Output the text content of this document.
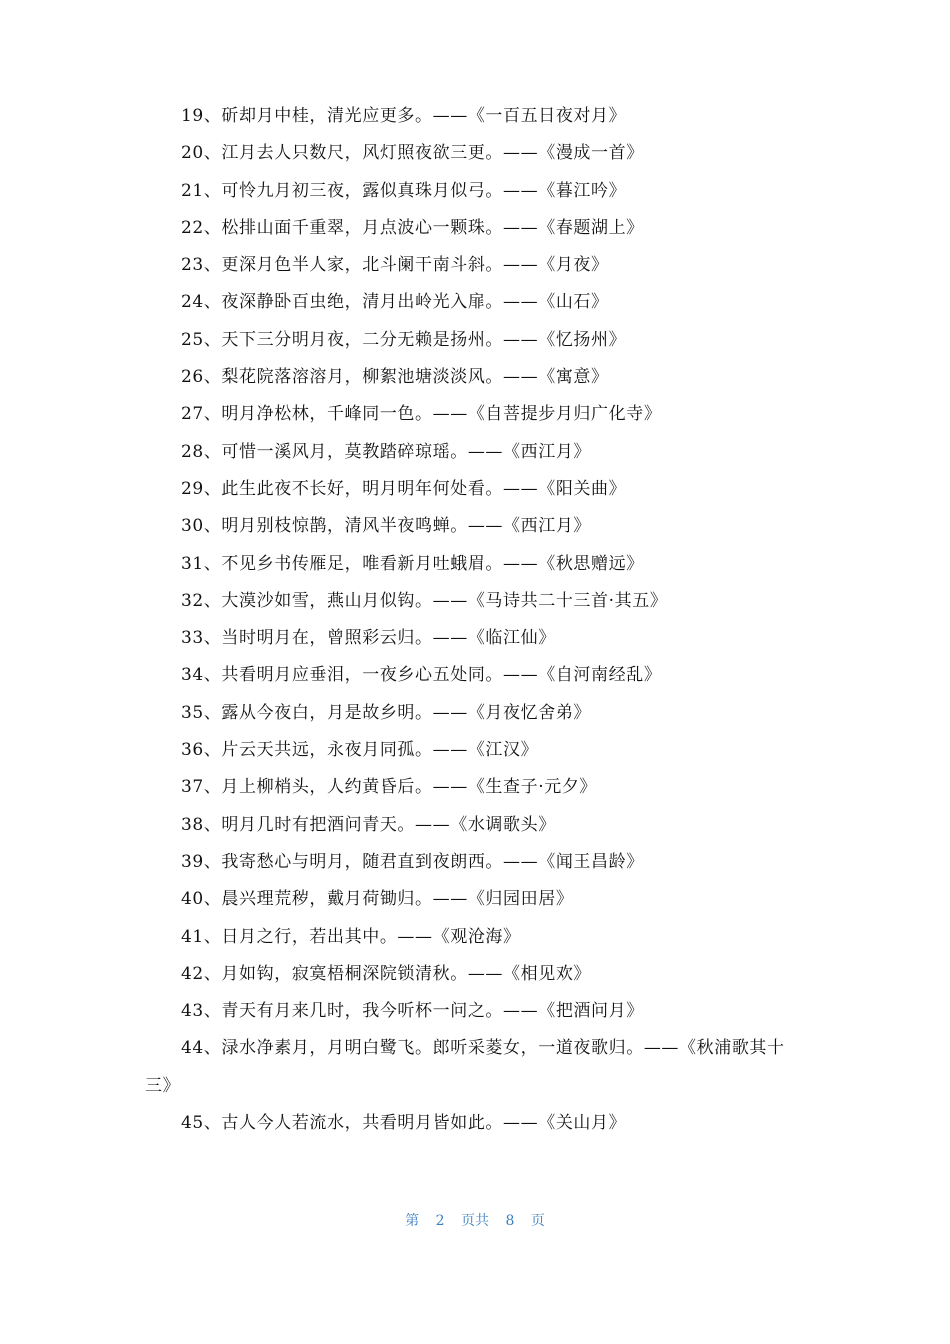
19、斫却月中桂，清光应更多。——《一百五日夜对月》
20、江月去人只数尺，风灯照夜欲三更。——《漫成一首》
21、可怜九月初三夜，露似真珠月似弓。——《暮江吟》
22、松排山面千重翠，月点波心一颗珠。——《春题湖上》
23、更深月色半人家，北斗阑干南斗斜。——《月夜》
24、夜深静卧百虫绝，清月出岭光入扉。——《山石》
25、天下三分明月夜，二分无赖是扬州。——《忆扬州》
26、梨花院落溶溶月，柳絮池塘淡淡风。——《寓意》
27、明月净松林，千峰同一色。——《自菩提步月归广化寺》
28、可惜一溪风月，莫教踏碎琼瑶。——《西江月》
29、此生此夜不长好，明月明年何处看。——《阳关曲》
30、明月别枝惊鹊，清风半夜鸣蝉。——《西江月》
31、不见乡书传雁足，唯看新月吐蛾眉。——《秋思赠远》
32、大漠沙如雪，燕山月似钩。——《马诗共二十三首·其五》
33、当时明月在，曾照彩云归。——《临江仙》
34、共看明月应垂泪，一夜乡心五处同。——《自河南经乱》
35、露从今夜白，月是故乡明。——《月夜忆舍弟》
36、片云天共远，永夜月同孤。——《江汉》
37、月上柳梢头，人约黄昏后。——《生查子·元夕》
38、明月几时有把酒问青天。——《水调歌头》
39、我寄愁心与明月，随君直到夜朗西。——《闻王昌龄》
40、晨兴理荒秽，戴月荷锄归。——《归园田居》
41、日月之行，若出其中。——《观沧海》
42、月如钩，寂寞梧桐深院锁清秋。——《相见欢》
43、青天有月来几时，我今听杯一问之。——《把酒问月》
44、渌水净素月，月明白鹭飞。郎听采菱女，一道夜歌归。——《秋浦歌其十三》
45、古人今人若流水，共看明月皆如此。——《关山月》
第 2 页共 8 页
